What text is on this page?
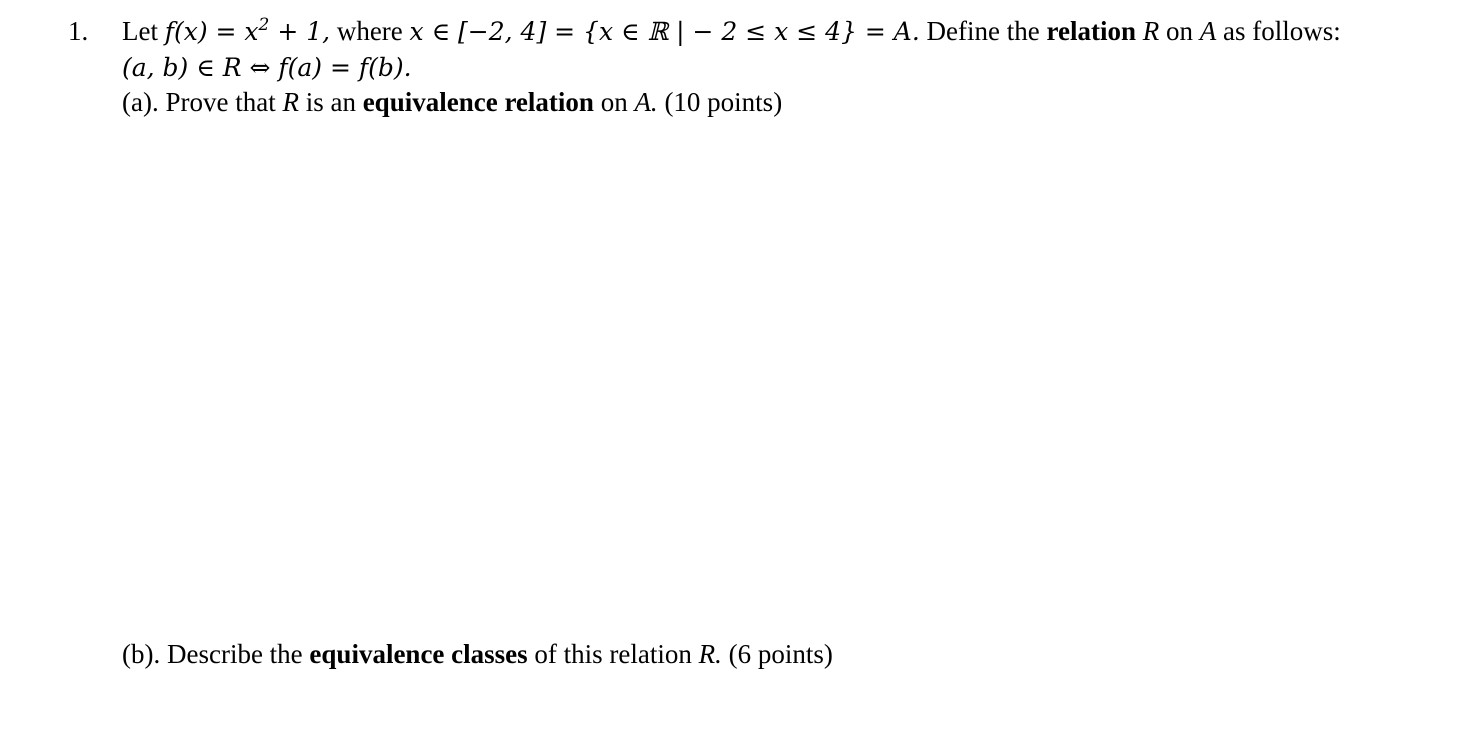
1. Let $f(x) = x^2 + 1$, where x ∈ [−2, 4] = {x ∈ ℝ | − 2 ≤ x ≤ 4} = A. Define the relation R on A as follows:
(a, b) ∈ R ⇔ f(a) = f(b).
(a). Prove that R is an equivalence relation on A. (10 points)
(b). Describe the equivalence classes of this relation R. (6 points)
